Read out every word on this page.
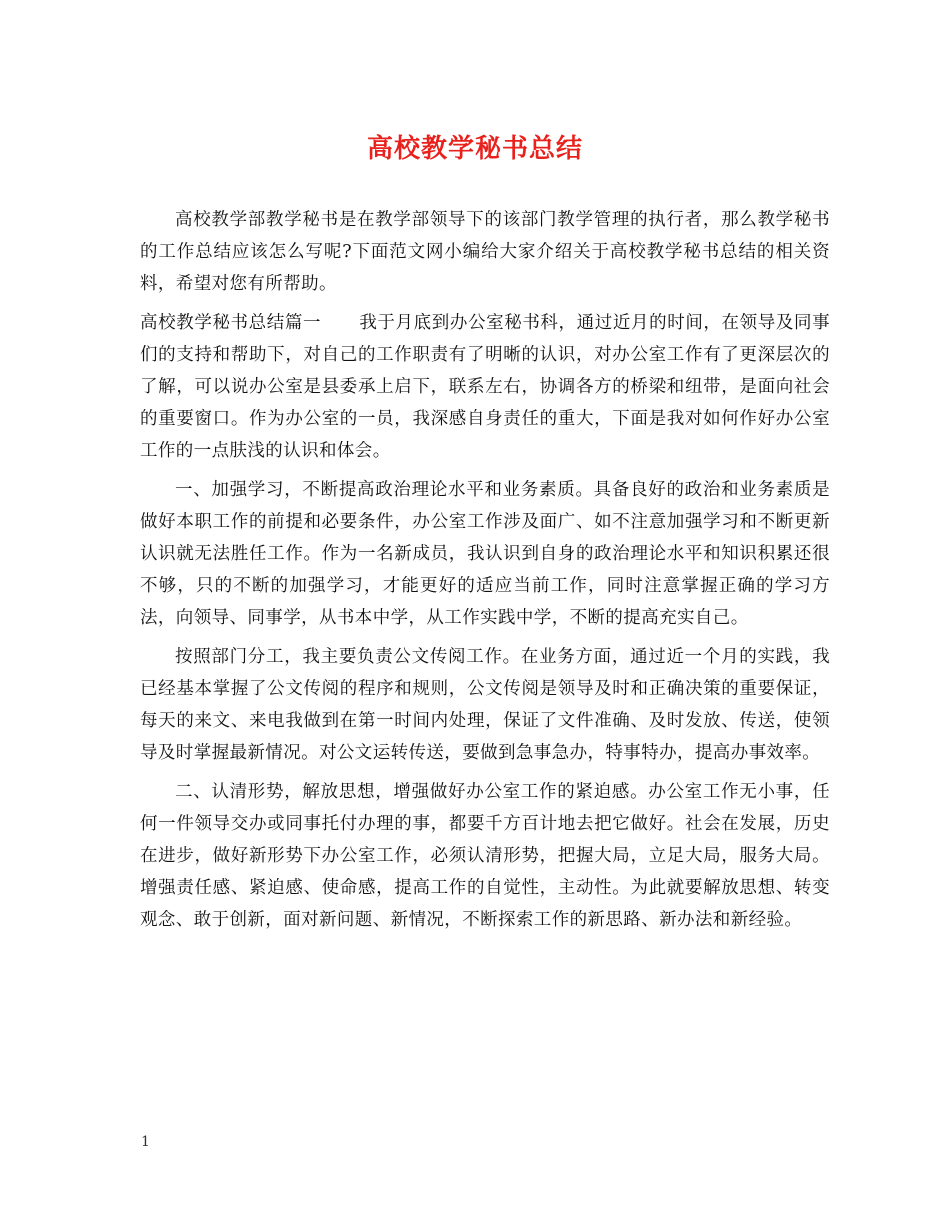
高校教学秘书总结

高校教学部教学秘书是在教学部领导下的该部门教学管理的执行者，那么教学秘书的工作总结应该怎么写呢?下面范文网小编给大家介绍关于高校教学秘书总结的相关资料，希望对您有所帮助。

高校教学秘书总结篇一 我于月底到办公室秘书科，通过近月的时间，在领导及同事们的支持和帮助下，对自己的工作职责有了明晰的认识，对办公室工作有了更深层次的了解，可以说办公室是县委承上启下，联系左右，协调各方的桥梁和纽带，是面向社会的重要窗口。作为办公室的一员，我深感自身责任的重大，下面是我对如何作好办公室工作的一点肤浅的认识和体会。

一、加强学习，不断提高政治理论水平和业务素质。具备良好的政治和业务素质是做好本职工作的前提和必要条件，办公室工作涉及面广、如不注意加强学习和不断更新认识就无法胜任工作。作为一名新成员，我认识到自身的政治理论水平和知识积累还很不够，只的不断的加强学习，才能更好的适应当前工作，同时注意掌握正确的学习方法，向领导、同事学，从书本中学，从工作实践中学，不断的提高充实自己。

按照部门分工，我主要负责公文传阅工作。在业务方面，通过近一个月的实践，我已经基本掌握了公文传阅的程序和规则，公文传阅是领导及时和正确决策的重要保证，每天的来文、来电我做到在第一时间内处理，保证了文件准确、及时发放、传送，使领导及时掌握最新情况。对公文运转传送，要做到急事急办，特事特办，提高办事效率。

二、认清形势，解放思想，增强做好办公室工作的紧迫感。办公室工作无小事，任何一件领导交办或同事托付办理的事，都要千方百计地去把它做好。社会在发展，历史在进步，做好新形势下办公室工作，必须认清形势，把握大局，立足大局，服务大局。增强责任感、紧迫感、使命感，提高工作的自觉性，主动性。为此就要解放思想、转变观念、敢于创新，面对新问题、新情况，不断探索工作的新思路、新办法和新经验。

1
